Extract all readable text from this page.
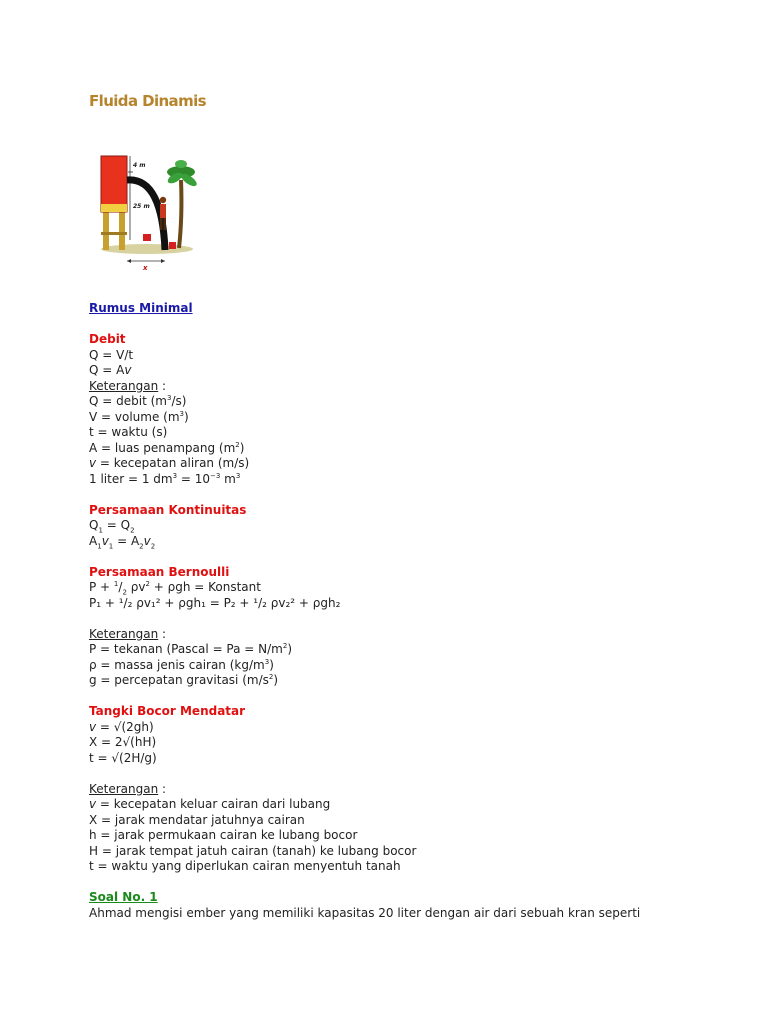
Fluida Dinamis
4 m
25 m
x

Rumus Minimal

Debit

Q = V/t

Q = Av

Keterangan :

Q = debit $(m^3/s)$

V = volume $(m^3)$

t = waktu (s)

A = luas penampang $(m^2)$

v = kecepatan aliran (m/s)

1 liter = 1 $dm^3 = 10^{-3}$ $m^3$

Persamaan Kontinuitas

$Q_1 = Q_2$

$A_1v_1 = A_2v_2$

Persamaan Bernoulli

$P + ^1/_2$ $\rho v^2 + \rho gh$ = Konstant

P₁ + ¹/₂ ρv₁² + ρgh₁ = P₂ + ¹/₂ ρv₂² + ρgh₂

Keterangan :

P = tekanan (Pascal = $Pa = N/m^2$)

ρ = massa jenis cairan $(kg/m^3)$

g = percepatan gravitasi $(m/s^2)$

Tangki Bocor Mendatar

v = √(2gh)

X = 2√(hH)

t = √(2H/g)

Keterangan :

v = kecepatan keluar cairan dari lubang

X = jarak mendatar jatuhnya cairan

h = jarak permukaan cairan ke lubang bocor

H = jarak tempat jatuh cairan (tanah) ke lubang bocor

t = waktu yang diperlukan cairan menyentuh tanah

Soal No. 1

Ahmad mengisi ember yang memiliki kapasitas 20 liter dengan air dari sebuah kran seperti
